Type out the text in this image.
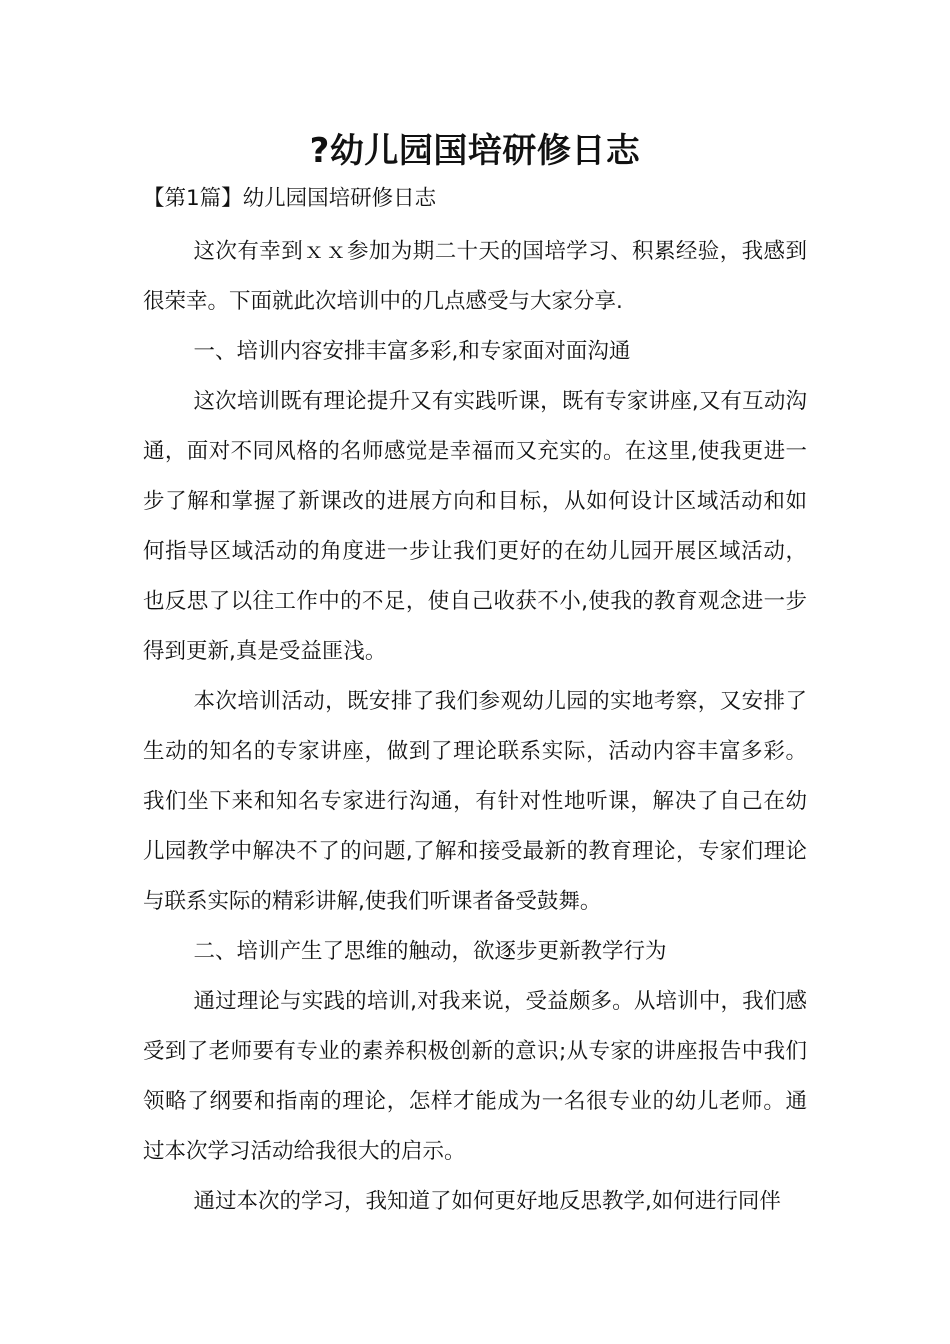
?幼儿园国培研修日志

【第1篇】幼儿园国培研修日志

这次有幸到ｘｘ参加为期二十天的国培学习、积累经验，我感到很荣幸。下面就此次培训中的几点感受与大家分享.

一、培训内容安排丰富多彩,和专家面对面沟通

这次培训既有理论提升又有实践听课，既有专家讲座,又有互动沟通，面对不同风格的名师感觉是幸福而又充实的。在这里,使我更进一步了解和掌握了新课改的进展方向和目标，从如何设计区域活动和如何指导区域活动的角度进一步让我们更好的在幼儿园开展区域活动，也反思了以往工作中的不足，使自己收获不小,使我的教育观念进一步得到更新,真是受益匪浅。

本次培训活动，既安排了我们参观幼儿园的实地考察，又安排了生动的知名的专家讲座，做到了理论联系实际，活动内容丰富多彩。我们坐下来和知名专家进行沟通，有针对性地听课，解决了自己在幼儿园教学中解决不了的问题,了解和接受最新的教育理论，专家们理论与联系实际的精彩讲解,使我们听课者备受鼓舞。

二、培训产生了思维的触动，欲逐步更新教学行为

通过理论与实践的培训,对我来说，受益颇多。从培训中，我们感受到了老师要有专业的素养积极创新的意识;从专家的讲座报告中我们领略了纲要和指南的理论，怎样才能成为一名很专业的幼儿老师。通过本次学习活动给我很大的启示。

通过本次的学习，我知道了如何更好地反思教学,如何进行同伴
